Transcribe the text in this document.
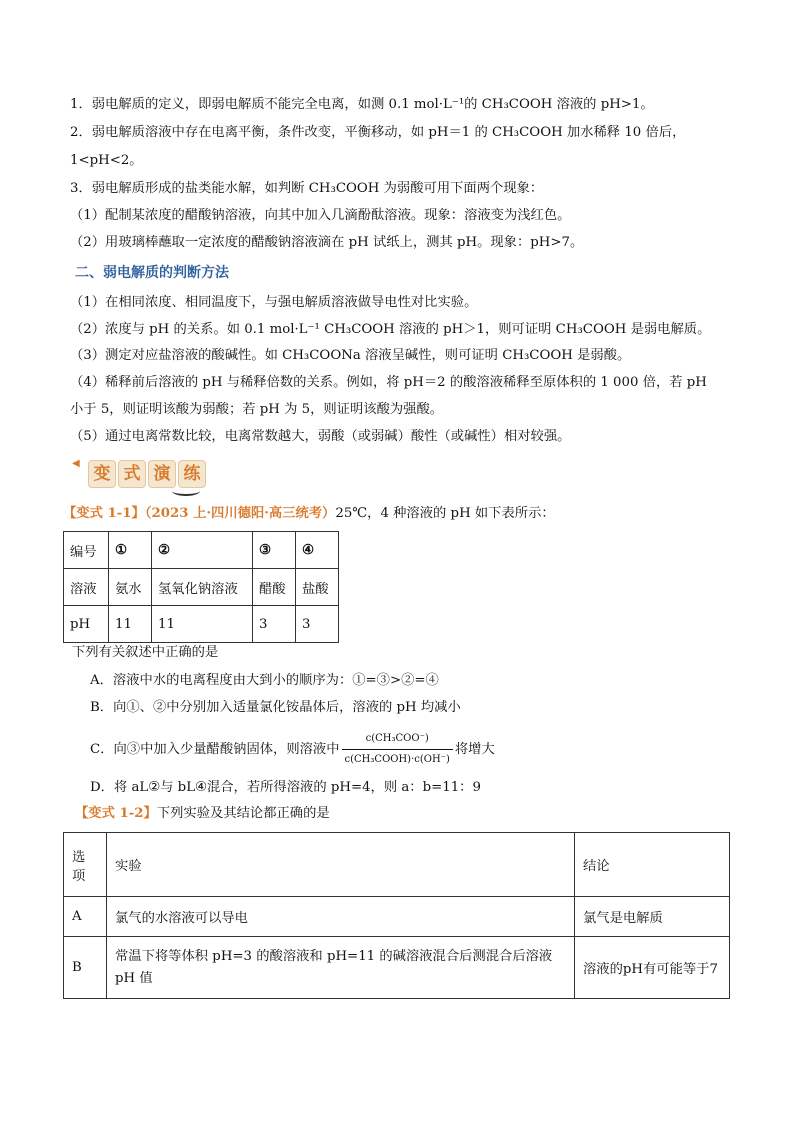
1．弱电解质的定义，即弱电解质不能完全电离，如测 0.1 mol·L⁻¹的 CH₃COOH 溶液的 pH>1。
2．弱电解质溶液中存在电离平衡，条件改变，平衡移动，如 pH＝1 的 CH₃COOH 加水稀释 10 倍后，
1<pH<2。
3．弱电解质形成的盐类能水解，如判断 CH₃COOH 为弱酸可用下面两个现象：
（1）配制某浓度的醋酸钠溶液，向其中加入几滴酚酞溶液。现象：溶液变为浅红色。
（2）用玻璃棒蘸取一定浓度的醋酸钠溶液滴在 pH 试纸上，测其 pH。现象：pH>7。
二、弱电解质的判断方法
（1）在相同浓度、相同温度下，与强电解质溶液做导电性对比实验。
（2）浓度与 pH 的关系。如 0.1 mol·L⁻¹ CH₃COOH 溶液的 pH＞1，则可证明 CH₃COOH 是弱电解质。
（3）测定对应盐溶液的酸碱性。如 CH₃COONa 溶液呈碱性，则可证明 CH₃COOH 是弱酸。
（4）稀释前后溶液的 pH 与稀释倍数的关系。例如，将 pH＝2 的酸溶液稀释至原体积的 1 000 倍，若 pH
小于 5，则证明该酸为弱酸；若 pH 为 5，则证明该酸为强酸。
（5）通过电离常数比较，电离常数越大，弱酸（或弱碱）酸性（或碱性）相对较强。
◀
变 式 演 练
【变式 1-1】（2023 上·四川德阳·高三统考）25℃，4 种溶液的 pH 如下表所示：
编号	①	②	③	④
溶液	氨水	氢氧化钠溶液	醋酸	盐酸
pH	11	11	3	3
下列有关叙述中正确的是
A．溶液中水的电离程度由大到小的顺序为：①=③>②=④
B．向①、②中分别加入适量氯化铵晶体后，溶液的 pH 均减小
C．向③中加入少量醋酸钠固体，则溶液中 $\frac{\text{c(CH₃COO⁻)}}{\text{c(CH₃COOH)·c(OH⁻)}}$ 将增大
D．将 aL②与 bL④混合，若所得溶液的 pH=4，则 a：b=11：9
【变式 1-2】下列实验及其结论都正确的是
选项	实验	结论
A	氯气的水溶液可以导电	氯气是电解质
B	常温下将等体积 pH=3 的酸溶液和 pH=11 的碱溶液混合后测混合后溶液 pH 值	溶液的pH有可能等于7
